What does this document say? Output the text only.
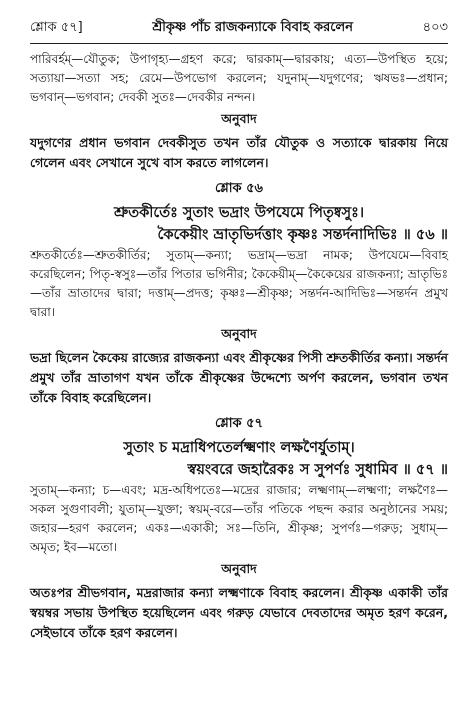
শ্লোক ৫৭]	শ্রীকৃষ্ণ পাঁচ রাজকন্যাকে বিবাহ করলেন	৪০৩

পারিবর্হম্‌—যৌতুক; উপাগৃহ্য—গ্রহণ করে; দ্বারকাম্‌—দ্বারকায়; এত্য—উপস্থিত হয়ে; সত্যায়া—সত্যা সহ; রেমে—উপভোগ করলেন; যদুনাম্‌—যদুগণের; ঋষভঃ—প্রধান; ভগবান্‌—ভগবান; দেবকী সুতঃ—দেবকীর নন্দন।

অনুবাদ

যদুগণের প্রধান ভগবান দেবকীসুত তখন তাঁর যৌতুক ও সত্যাকে দ্বারকায় নিয়ে গেলেন এবং সেখানে সুখে বাস করতে লাগলেন।

শ্লোক ৫৬

শ্রুতকীর্তেঃ সুতাং ভদ্রাং উপযেমে পিতৃষ্বসুঃ।
কৈকেয়ীং ভ্রাতৃভির্দত্তাং কৃষ্ণঃ সন্তর্দনাদিভিঃ ॥ ৫৬ ॥

শ্রুতকীর্তেঃ—শ্রুতকীর্তির; সুতাম্‌—কন্যা; ভদ্রাম্‌—ভদ্রা নামক; উপযেমে—বিবাহ করেছিলেন; পিতৃ-স্বসুঃ—তাঁর পিতার ভগিনীর; কৈকেয়ীম্‌—কৈকেয়ের রাজকন্যা; ভ্রাতৃভিঃ—তাঁর ভ্রাতাদের দ্বারা; দত্তাম্‌—প্রদত্ত; কৃষ্ণঃ—শ্রীকৃষ্ণ; সন্তর্দন-আদিভিঃ—সন্তর্দন প্রমুখ দ্বারা।

অনুবাদ

ভদ্রা ছিলেন কৈকেয় রাজ্যের রাজকন্যা এবং শ্রীকৃষ্ণের পিসী শ্রুতকীর্তির কন্যা। সন্তর্দন প্রমুখ তাঁর ভ্রাতাগণ যখন তাঁকে শ্রীকৃষ্ণের উদ্দেশ্যে অর্পণ করলেন, ভগবান তখন তাঁকে বিবাহ করেছিলেন।

শ্লোক ৫৭

সুতাং চ মদ্রাধিপতের্লক্ষ্মণাং লক্ষণৈর্যুতাম্‌।
স্বয়ংবরে জহারৈকঃ স সুপর্ণঃ সুধামিব ॥ ৫৭ ॥

সুতাম্‌—কন্যা; চ—এবং; মদ্র-অধিপতেঃ—মদ্রের রাজার; লক্ষ্মণাম্‌—লক্ষ্মণা; লক্ষণৈঃ—সকল সুগুণাবলী; যুতাম্‌—যুক্তা; স্বয়ম্‌-বরে—তাঁর পতিকে পছন্দ করার অনুষ্ঠানের সময়; জহার—হরণ করলেন; একঃ—একাকী; সঃ—তিনি, শ্রীকৃষ্ণ; সুপর্ণঃ—গরুড়; সুধাম্‌—অমৃত; ইব—মতো।

অনুবাদ

অতঃপর শ্রীভগবান, মদ্ররাজার কন্যা লক্ষ্মণাকে বিবাহ করলেন। শ্রীকৃষ্ণ একাকী তাঁর স্বয়ম্বর সভায় উপস্থিত হয়েছিলেন এবং গরুড় যেভাবে দেবতাদের অমৃত হরণ করেন, সেইভাবে তাঁকে হরণ করলেন।
